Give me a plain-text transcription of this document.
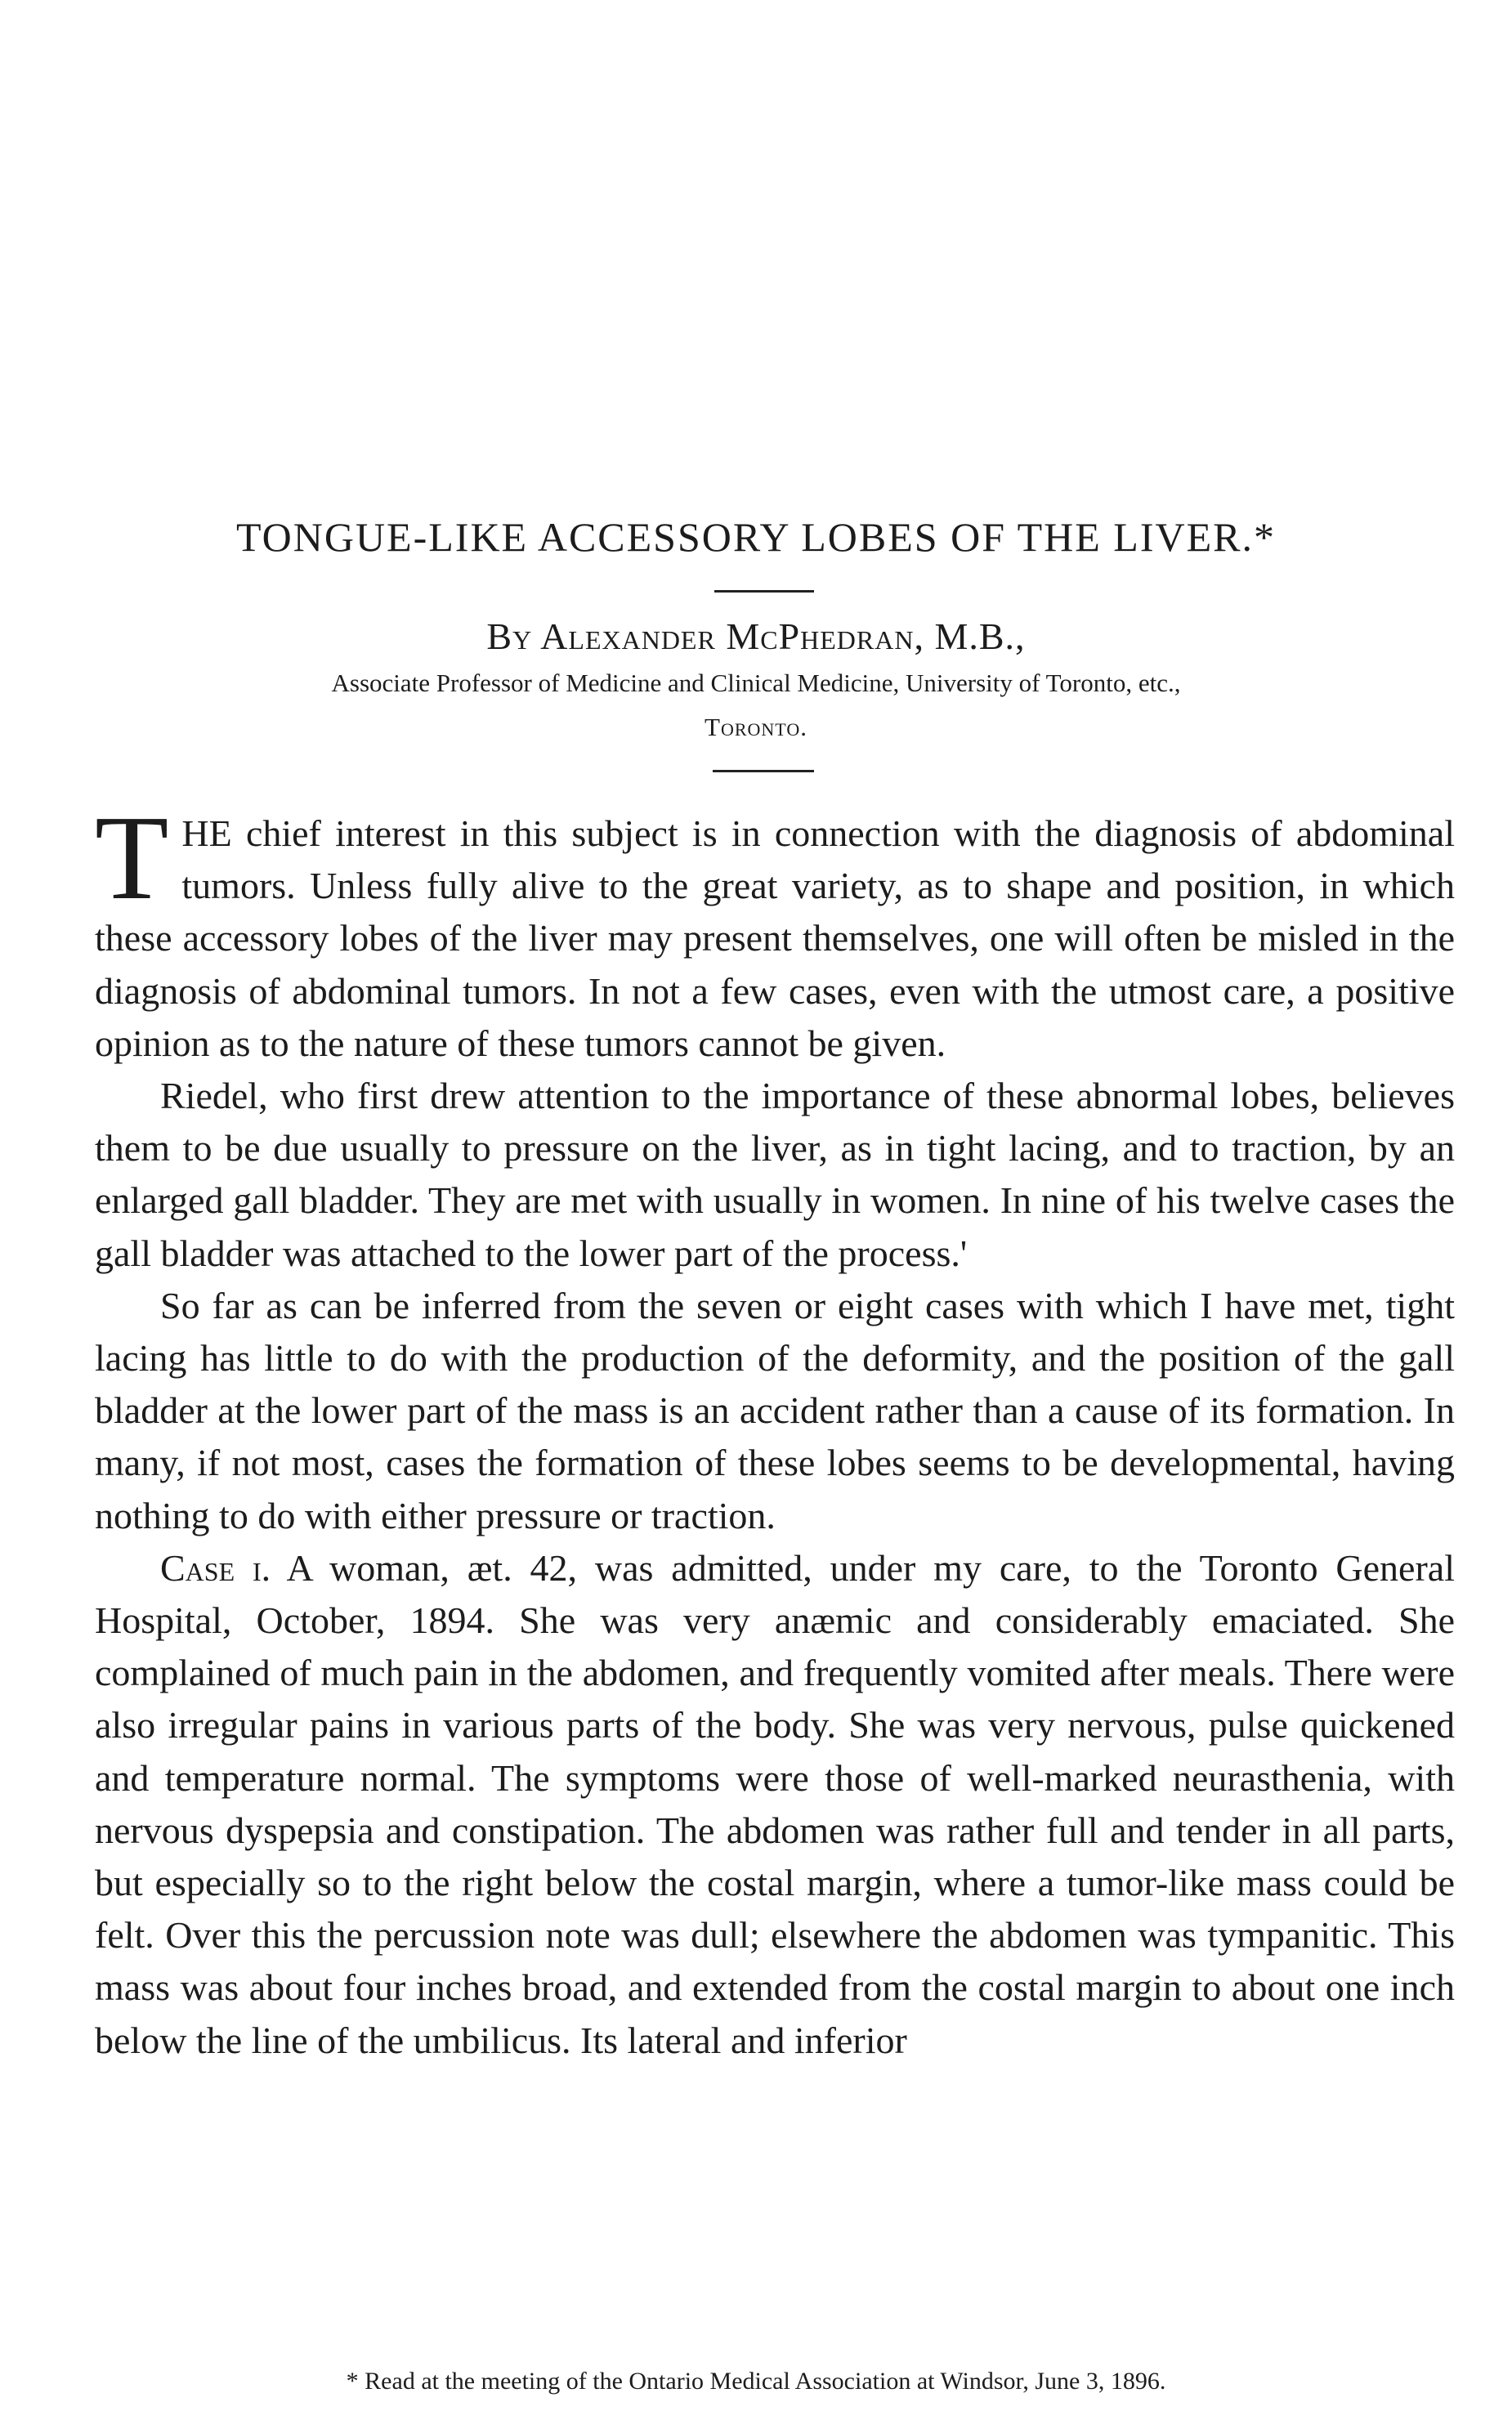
TONGUE-LIKE ACCESSORY LOBES OF THE LIVER.*
By Alexander McPhedran, M.B.,
Associate Professor of Medicine and Clinical Medicine, University of Toronto, etc.,
Toronto.

THE chief interest in this subject is in connection with the diagnosis of abdominal tumors. Unless fully alive to the great variety, as to shape and position, in which these accessory lobes of the liver may present themselves, one will often be misled in the diagnosis of abdominal tumors. In not a few cases, even with the utmost care, a positive opinion as to the nature of these tumors cannot be given.

Riedel, who first drew attention to the importance of these abnormal lobes, believes them to be due usually to pressure on the liver, as in tight lacing, and to traction, by an enlarged gall bladder. They are met with usually in women. In nine of his twelve cases the gall bladder was attached to the lower part of the process.'

So far as can be inferred from the seven or eight cases with which I have met, tight lacing has little to do with the production of the deformity, and the position of the gall bladder at the lower part of the mass is an accident rather than a cause of its formation. In many, if not most, cases the formation of these lobes seems to be developmental, having nothing to do with either pressure or traction.

Case i. A woman, æt. 42, was admitted, under my care, to the Toronto General Hospital, October, 1894. She was very anæmic and considerably emaciated. She complained of much pain in the abdomen, and frequently vomited after meals. There were also irregular pains in various parts of the body. She was very nervous, pulse quickened and temperature normal. The symptoms were those of well-marked neurasthenia, with nervous dyspepsia and constipation. The abdomen was rather full and tender in all parts, but especially so to the right below the costal margin, where a tumor-like mass could be felt. Over this the percussion note was dull; elsewhere the abdomen was tympanitic. This mass was about four inches broad, and extended from the costal margin to about one inch below the line of the umbilicus. Its lateral and inferior

* Read at the meeting of the Ontario Medical Association at Windsor, June 3, 1896.
